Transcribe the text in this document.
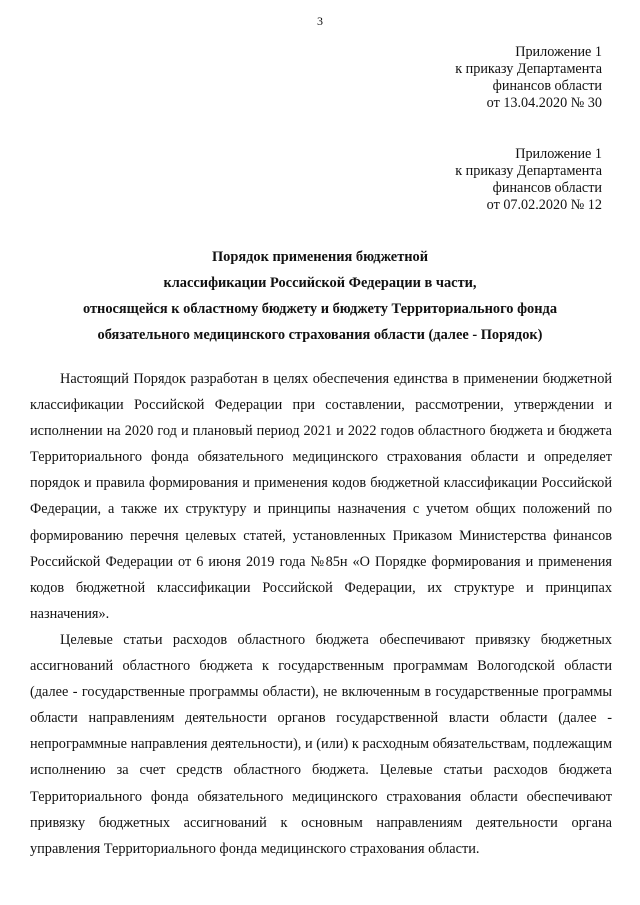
3
Приложение 1
к приказу Департамента
финансов области
от 13.04.2020 № 30
Приложение 1
к приказу Департамента
финансов области
от 07.02.2020 № 12
Порядок применения бюджетной
классификации Российской Федерации в части,
относящейся к областному бюджету и бюджету Территориального фонда
обязательного медицинского страхования области (далее - Порядок)

Настоящий Порядок разработан в целях обеспечения единства в применении бюджетной классификации Российской Федерации при составлении, рассмотрении, утверждении и исполнении на 2020 год и плановый период 2021 и 2022 годов областного бюджета и бюджета Территориального фонда обязательного медицинского страхования области и определяет порядок и правила формирования и применения кодов бюджетной классификации Российской Федерации, а также их структуру и принципы назначения с учетом общих положений по формированию перечня целевых статей, установленных Приказом Министерства финансов Российской Федерации от 6 июня 2019 года №85н «О Порядке формирования и применения кодов бюджетной классификации Российской Федерации, их структуре и принципах назначения».

Целевые статьи расходов областного бюджета обеспечивают привязку бюджетных ассигнований областного бюджета к государственным программам Вологодской области (далее - государственные программы области), не включенным в государственные программы области направлениям деятельности органов государственной власти области (далее - непрограммные направления деятельности), и (или) к расходным обязательствам, подлежащим исполнению за счет средств областного бюджета. Целевые статьи расходов бюджета Территориального фонда обязательного медицинского страхования области обеспечивают привязку бюджетных ассигнований к основным направлениям деятельности органа управления Территориального фонда медицинского страхования области.
